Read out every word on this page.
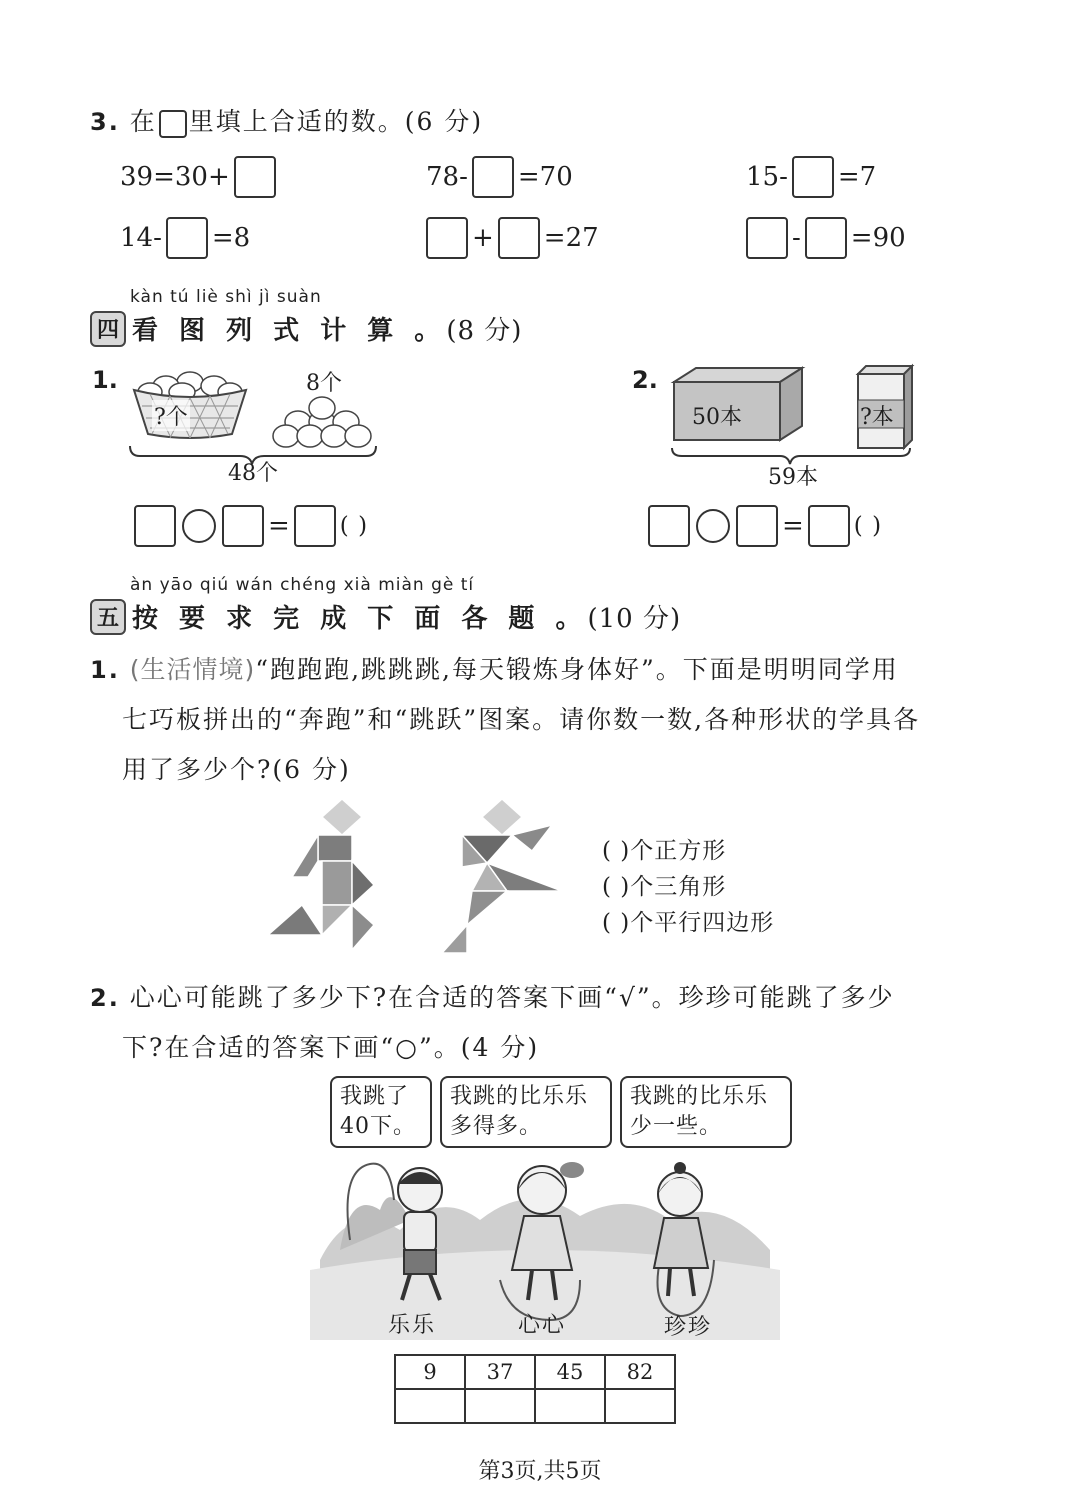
3. 在 里填上合适的数。(6 分)
39=30+	78- =70	15- =7
14- =8	+ =27	- =90
kàn tú liè shì jì suàn
四 看 图 列 式 计 算 。 (8 分)
1.
?个
8个
48个
2.
50本	?本
59本
= ( )	= ( )
àn yāo qiú wán chéng xià miàn gè tí
五 按 要 求 完 成 下 面 各 题 。 (10 分)
1. (生活情境)“跑跑跑,跳跳跳,每天锻炼身体好”。下面是明明同学用
七巧板拼出的“奔跑”和“跳跃”图案。请你数一数,各种形状的学具各
用了多少个?(6 分)
( )个正方形
( )个三角形
( )个平行四边形
2. 心心可能跳了多少下?在合适的答案下画“√”。珍珍可能跳了多少
下?在合适的答案下画“○”。(4 分)
我跳了
40下。
我跳的比乐乐
多得多。
我跳的比乐乐
少一些。
乐乐	心心	珍珍
9	37	45	82

第3页,共5页
